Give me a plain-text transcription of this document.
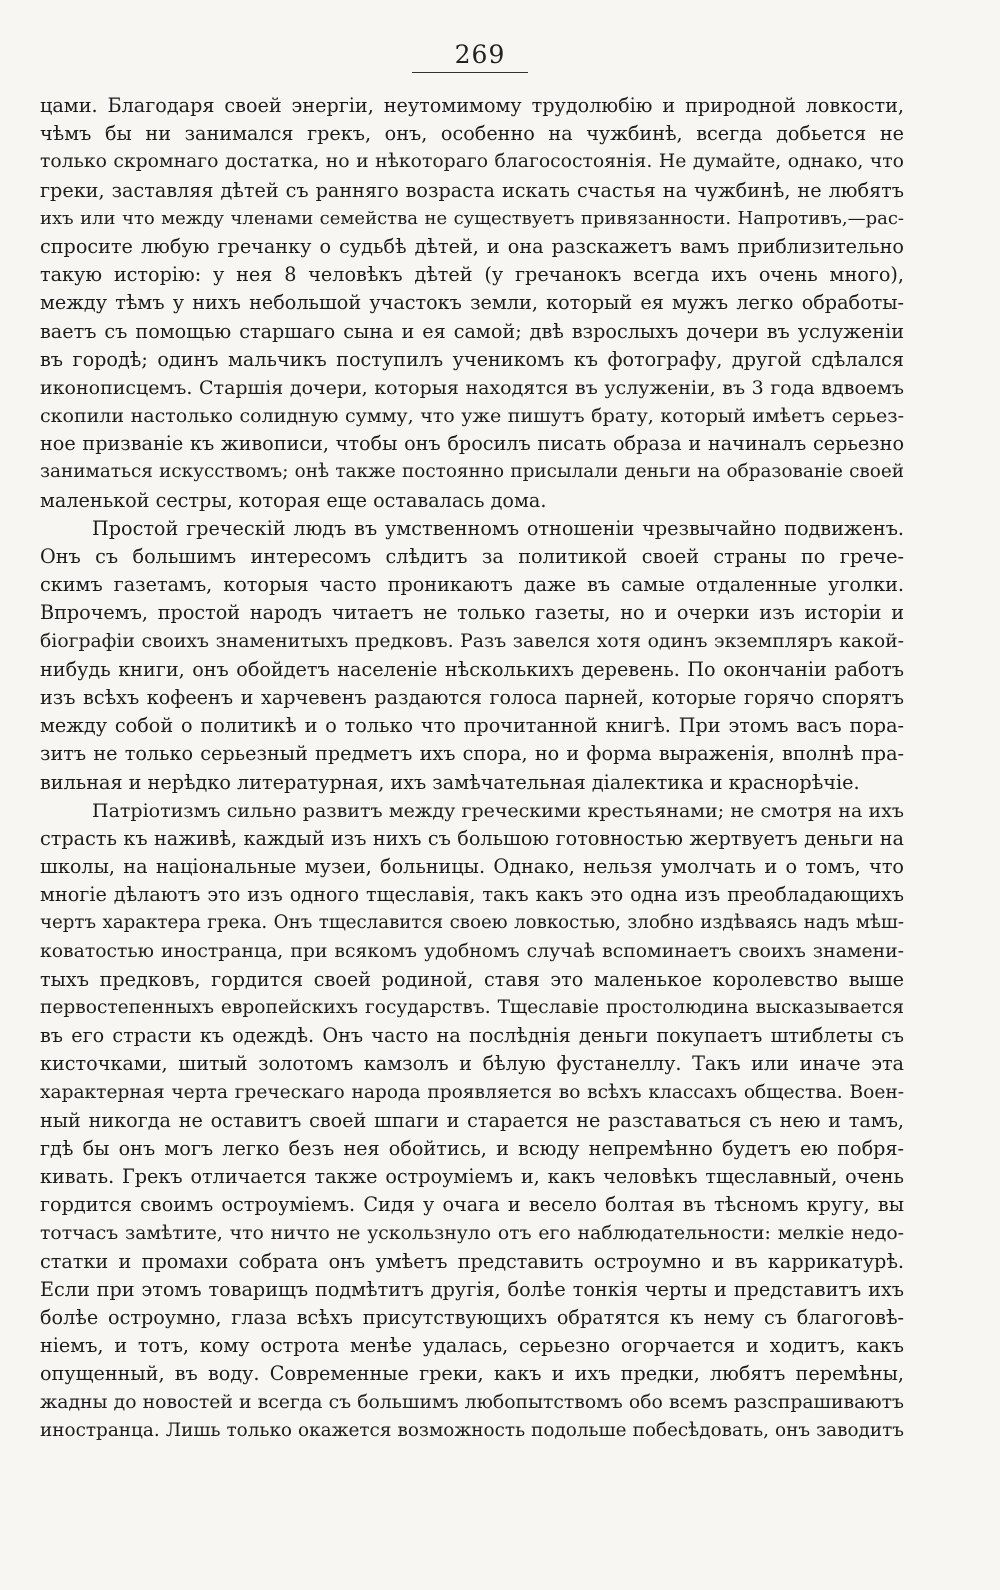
269
цами. Благодаря своей энергіи, неутомимому трудолюбію и природной ловкости,
чѣмъ бы ни занимался грекъ, онъ, особенно на чужбинѣ, всегда добьется не
только скромнаго достатка, но и нѣкотораго благосостоянія. Не думайте, однако, что
греки, заставляя дѣтей съ ранняго возраста искать счастья на чужбинѣ, не любятъ
ихъ или что между членами семейства не существуетъ привязанности. Напротивъ,—рас-
спросите любую гречанку о судьбѣ дѣтей, и она разскажетъ вамъ приблизительно
такую исторію: у нея 8 человѣкъ дѣтей (у гречанокъ всегда ихъ очень много),
между тѣмъ у нихъ небольшой участокъ земли, который ея мужъ легко обработы-
ваетъ съ помощью старшаго сына и ея самой; двѣ взрослыхъ дочери въ услуженіи
въ городѣ; одинъ мальчикъ поступилъ ученикомъ къ фотографу, другой сдѣлался
иконописцемъ. Старшія дочери, которыя находятся въ услуженіи, въ 3 года вдвоемъ
скопили настолько солидную сумму, что уже пишутъ брату, который имѣетъ серьез-
ное призваніе къ живописи, чтобы онъ бросилъ писать образа и начиналъ серьезно
заниматься искусствомъ; онѣ также постоянно присылали деньги на образованіе своей
маленькой сестры, которая еще оставалась дома.
Простой греческій людъ въ умственномъ отношеніи чрезвычайно подвиженъ.
Онъ съ большимъ интересомъ слѣдитъ за политикой своей страны по грече-
скимъ газетамъ, которыя часто проникаютъ даже въ самые отдаленные уголки.
Впрочемъ, простой народъ читаетъ не только газеты, но и очерки изъ исторіи и
біографіи своихъ знаменитыхъ предковъ. Разъ завелся хотя одинъ экземпляръ какой-
нибудь книги, онъ обойдетъ населеніе нѣсколькихъ деревень. По окончаніи работъ
изъ всѣхъ кофеенъ и харчевенъ раздаются голоса парней, которые горячо спорятъ
между собой о политикѣ и о только что прочитанной книгѣ. При этомъ васъ пора-
зитъ не только серьезный предметъ ихъ спора, но и форма выраженія, вполнѣ пра-
вильная и нерѣдко литературная, ихъ замѣчательная діалектика и краснорѣчіе.
Патріотизмъ сильно развитъ между греческими крестьянами; не смотря на ихъ
страсть къ наживѣ, каждый изъ нихъ съ большою готовностью жертвуетъ деньги на
школы, на національные музеи, больницы. Однако, нельзя умолчать и о томъ, что
многіе дѣлаютъ это изъ одного тщеславія, такъ какъ это одна изъ преобладающихъ
чертъ характера грека. Онъ тщеславится своею ловкостью, злобно издѣваясь надъ мѣш-
коватостью иностранца, при всякомъ удобномъ случаѣ вспоминаетъ своихъ знамени-
тыхъ предковъ, гордится своей родиной, ставя это маленькое королевство выше
первостепенныхъ европейскихъ государствъ. Тщеславіе простолюдина высказывается
въ его страсти къ одеждѣ. Онъ часто на послѣднія деньги покупаетъ штиблеты съ
кисточками, шитый золотомъ камзолъ и бѣлую фустанеллу. Такъ или иначе эта
характерная черта греческаго народа проявляется во всѣхъ классахъ общества. Воен-
ный никогда не оставитъ своей шпаги и старается не разставаться съ нею и тамъ,
гдѣ бы онъ могъ легко безъ нея обойтись, и всюду непремѣнно будетъ ею побря-
кивать. Грекъ отличается также остроуміемъ и, какъ человѣкъ тщеславный, очень
гордится своимъ остроуміемъ. Сидя у очага и весело болтая въ тѣсномъ кругу, вы
тотчасъ замѣтите, что ничто не ускользнуло отъ его наблюдательности: мелкіе недо-
статки и промахи собрата онъ умѣетъ представить остроумно и въ каррикатурѣ.
Если при этомъ товарищъ подмѣтитъ другія, болѣе тонкія черты и представитъ ихъ
болѣе остроумно, глаза всѣхъ присутствующихъ обратятся къ нему съ благоговѣ-
ніемъ, и тотъ, кому острота менѣе удалась, серьезно огорчается и ходитъ, какъ
опущенный, въ воду. Современные греки, какъ и ихъ предки, любятъ перемѣны,
жадны до новостей и всегда съ большимъ любопытствомъ обо всемъ разспрашиваютъ
иностранца. Лишь только окажется возможность подольше побесѣдовать, онъ заводитъ
